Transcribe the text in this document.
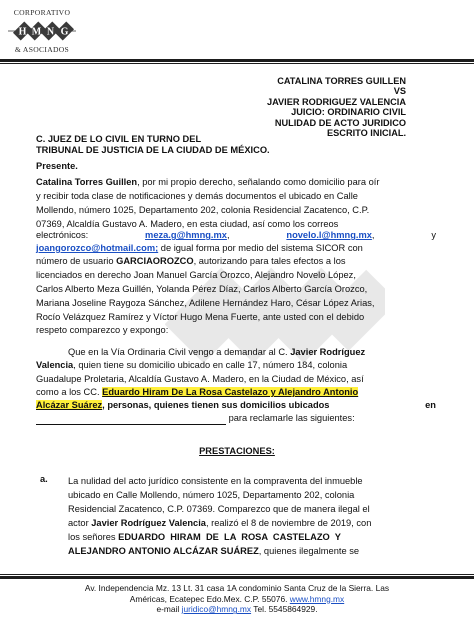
CORPORATIVO
H M N G
& ASOCIADOS
CATALINA TORRES GUILLEN
VS
JAVIER RODRIGUEZ VALENCIA
JUICIO: ORDINARIO CIVIL
NULIDAD DE ACTO JURIDICO
ESCRITO INICIAL.
C. JUEZ DE LO CIVIL EN TURNO DEL
TRIBUNAL DE JUSTICIA DE LA CIUDAD DE MÉXICO.
Presente.
Catalina Torres Guillen, por mi propio derecho, señalando como domicilio para oír
y recibir toda clase de notificaciones y demás documentos el ubicado en Calle
Mollendo, número 1025, Departamento 202, colonia Residencial Zacatenco, C.P.
07369, Alcaldía Gustavo A. Madero, en esta ciudad, así como los correos
electrónicos:	meza.g@hmng.mx,	novelo.l@hmng.mx,	y
joangorozco@hotmail.com; de igual forma por medio del sistema SICOR con
número de usuario GARCIAOROZCO, autorizando para tales efectos a los
licenciados en derecho Joan Manuel García Orozco, Alejandro Novelo López,
Carlos Alberto Meza Guillén, Yolanda Pérez Díaz, Carlos Alberto García Orozco,
Mariana Joseline Raygoza Sánchez, Adilene Hernández Haro, César López Arias,
Rocío Velázquez Ramírez y Víctor Hugo Mena Fuerte, ante usted con el debido
respeto comparezco y expongo:
Que en la Vía Ordinaria Civil vengo a demandar al C. Javier Rodríguez
Valencia, quien tiene su domicilio ubicado en calle 17, número 184, colonia
Guadalupe Proletaria, Alcaldía Gustavo A. Madero, en la Ciudad de México, así
como a los CC. Eduardo Hiram De La Rosa Castelazo y Alejandro Antonio
Alcázar Suárez, personas, quienes tienen sus domicilios ubicados	en
para reclamarle las siguientes:
PRESTACIONES:
a. La nulidad del acto jurídico consistente en la compraventa del inmueble
ubicado en Calle Mollendo, número 1025, Departamento 202, colonia
Residencial Zacatenco, C.P. 07369. Comparezco que de manera ilegal el
actor Javier Rodríguez Valencia, realizó el 8 de noviembre de 2019, con
los señores EDUARDO  HIRAM  DE  LA  ROSA  CASTELAZO  Y
ALEJANDRO ANTONIO ALCÁZAR SUÁREZ, quienes ilegalmente se
Av. Independencia Mz. 13 Lt. 31 casa 1A condominio Santa Cruz de la Sierra. Las
Américas, Ecatepec Edo.Mex. C.P. 55076. www.hmng.mx
e-mail juridico@hmng.mx Tel. 5545864929.
